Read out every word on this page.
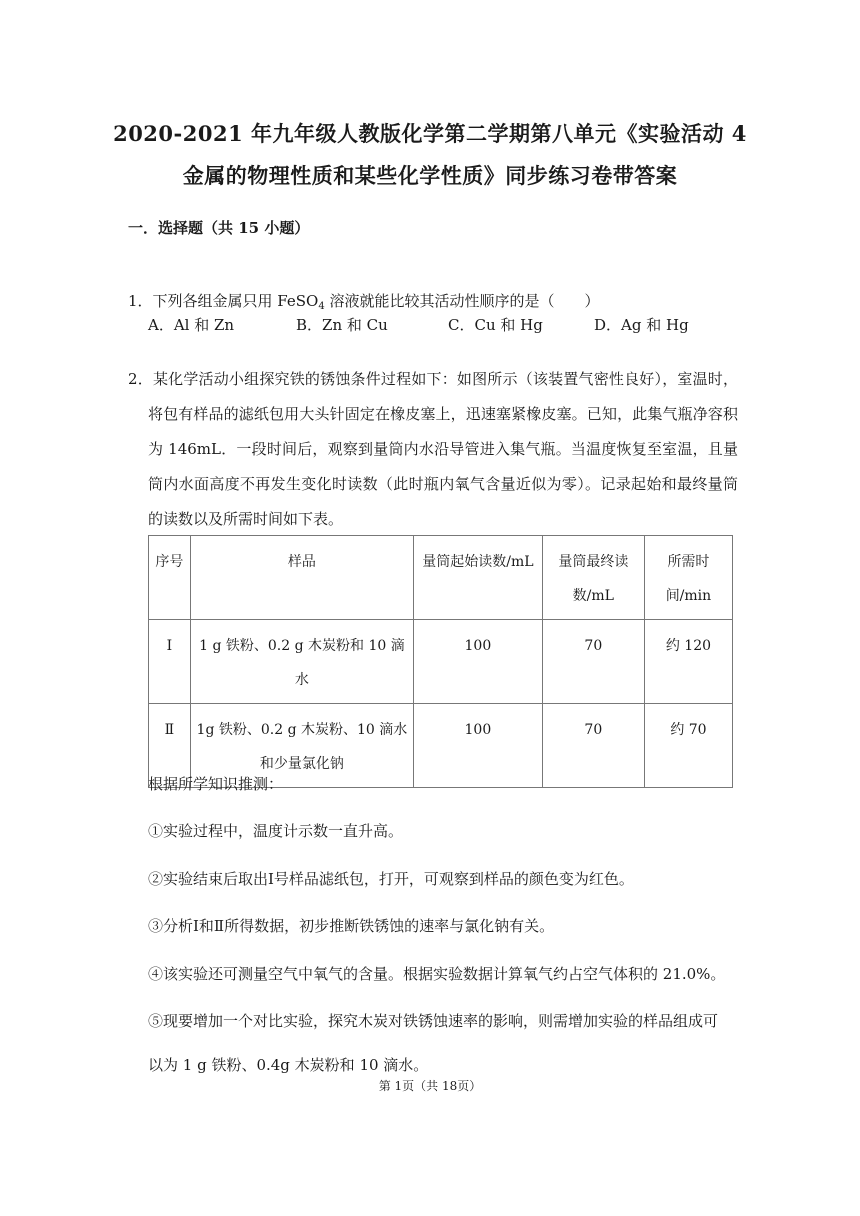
2020-2021 年九年级人教版化学第二学期第八单元《实验活动 4
金属的物理性质和某些化学性质》同步练习卷带答案
一．选择题（共 15 小题）
1．下列各组金属只用 FeSO$_4$ 溶液就能比较其活动性顺序的是（　　）
A．Al 和 Zn	B．Zn 和 Cu	C．Cu 和 Hg	D．Ag 和 Hg
2．某化学活动小组探究铁的锈蚀条件过程如下：如图所示（该装置气密性良好），室温时，将包有样品的滤纸包用大头针固定在橡皮塞上，迅速塞紧橡皮塞。已知，此集气瓶净容积为 146mL．一段时间后，观察到量筒内水沿导管进入集气瓶。当温度恢复至室温，且量筒内水面高度不再发生变化时读数（此时瓶内氧气含量近似为零）。记录起始和最终量筒的读数以及所需时间如下表。
序号	样品	量筒起始读数/mL	量筒最终读数/mL	所需时间/min
Ⅰ	1 g 铁粉、0.2 g 木炭粉和 10 滴水	100	70	约 120
Ⅱ	1g 铁粉、0.2 g 木炭粉、10 滴水和少量氯化钠	100	70	约 70
根据所学知识推测：
①实验过程中，温度计示数一直升高。
②实验结束后取出Ⅰ号样品滤纸包，打开，可观察到样品的颜色变为红色。
③分析Ⅰ和Ⅱ所得数据，初步推断铁锈蚀的速率与氯化钠有关。
④该实验还可测量空气中氧气的含量。根据实验数据计算氧气约占空气体积的 21.0%。
⑤现要增加一个对比实验，探究木炭对铁锈蚀速率的影响，则需增加实验的样品组成可
以为 1 g 铁粉、0.4g 木炭粉和 10 滴水。
第 1页（共 18页）
